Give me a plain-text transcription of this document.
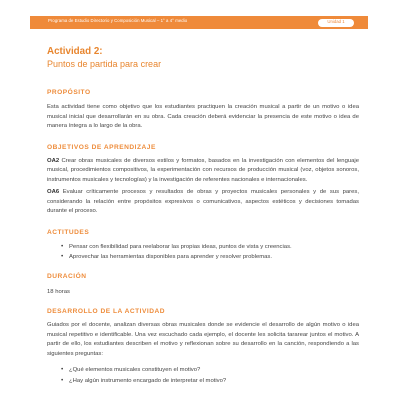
Programa de Estudio Directorio y Composición Musical – 1° a 4° medio	Unidad 1
Actividad 2:
Puntos de partida para crear
PROPÓSITO

Esta actividad tiene como objetivo que los estudiantes practiquen la creación musical a partir de un motivo o idea musical inicial que desarrollarán en su obra. Cada creación deberá evidenciar la presencia de este motivo o idea de manera íntegra a lo largo de la obra.

OBJETIVOS DE APRENDIZAJE

OA2 Crear obras musicales de diversos estilos y formatos, basados en la investigación con elementos del lenguaje musical, procedimientos compositivos, la experimentación con recursos de producción musical (voz, objetos sonoros, instrumentos musicales y tecnologías) y la investigación de referentes nacionales e internacionales.

OA6 Evaluar críticamente procesos y resultados de obras y proyectos musicales personales y de sus pares, considerando la relación entre propósitos expresivos o comunicativos, aspectos estéticos y decisiones tomadas durante el proceso.

ACTITUDES
• Pensar con flexibilidad para reelaborar las propias ideas, puntos de vista y creencias.
• Aprovechar las herramientas disponibles para aprender y resolver problemas.
DURACIÓN

18 horas

DESARROLLO DE LA ACTIVIDAD

Guiados por el docente, analizan diversas obras musicales donde se evidencie el desarrollo de algún motivo o idea musical repetitivo e identificable. Una vez escuchado cada ejemplo, el docente les solicita tararear juntos el motivo. A partir de ello, los estudiantes describen el motivo y reflexionan sobre su desarrollo en la canción, respondiendo a las siguientes preguntas:

• ¿Qué elementos musicales constituyen el motivo?
• ¿Hay algún instrumento encargado de interpretar el motivo?
